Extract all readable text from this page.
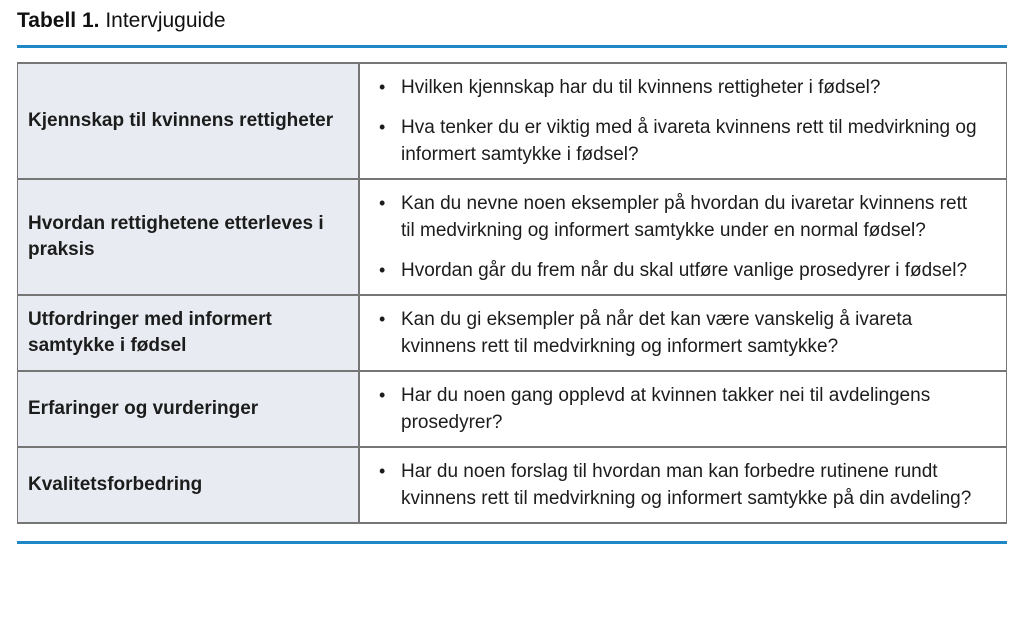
Tabell 1. Intervjuguide

Kjennskap til kvinnens rettigheter	• Hvilken kjennskap har du til kvinnens rettigheter i fødsel?
• Hva tenker du er viktig med å ivareta kvinnens rett til medvirkning og informert samtykke i fødsel?

Hvordan rettighetene etterleves i praksis	• Kan du nevne noen eksempler på hvordan du ivaretar kvinnens rett til medvirkning og informert samtykke under en normal fødsel?
• Hvordan går du frem når du skal utføre vanlige prosedyrer i fødsel?

Utfordringer med informert samtykke i fødsel	• Kan du gi eksempler på når det kan være vanskelig å ivareta kvinnens rett til medvirkning og informert samtykke?

Erfaringer og vurderinger	• Har du noen gang opplevd at kvinnen takker nei til avdelingens prosedyrer?

Kvalitetsforbedring	• Har du noen forslag til hvordan man kan forbedre rutinene rundt kvinnens rett til medvirkning og informert samtykke på din avdeling?
